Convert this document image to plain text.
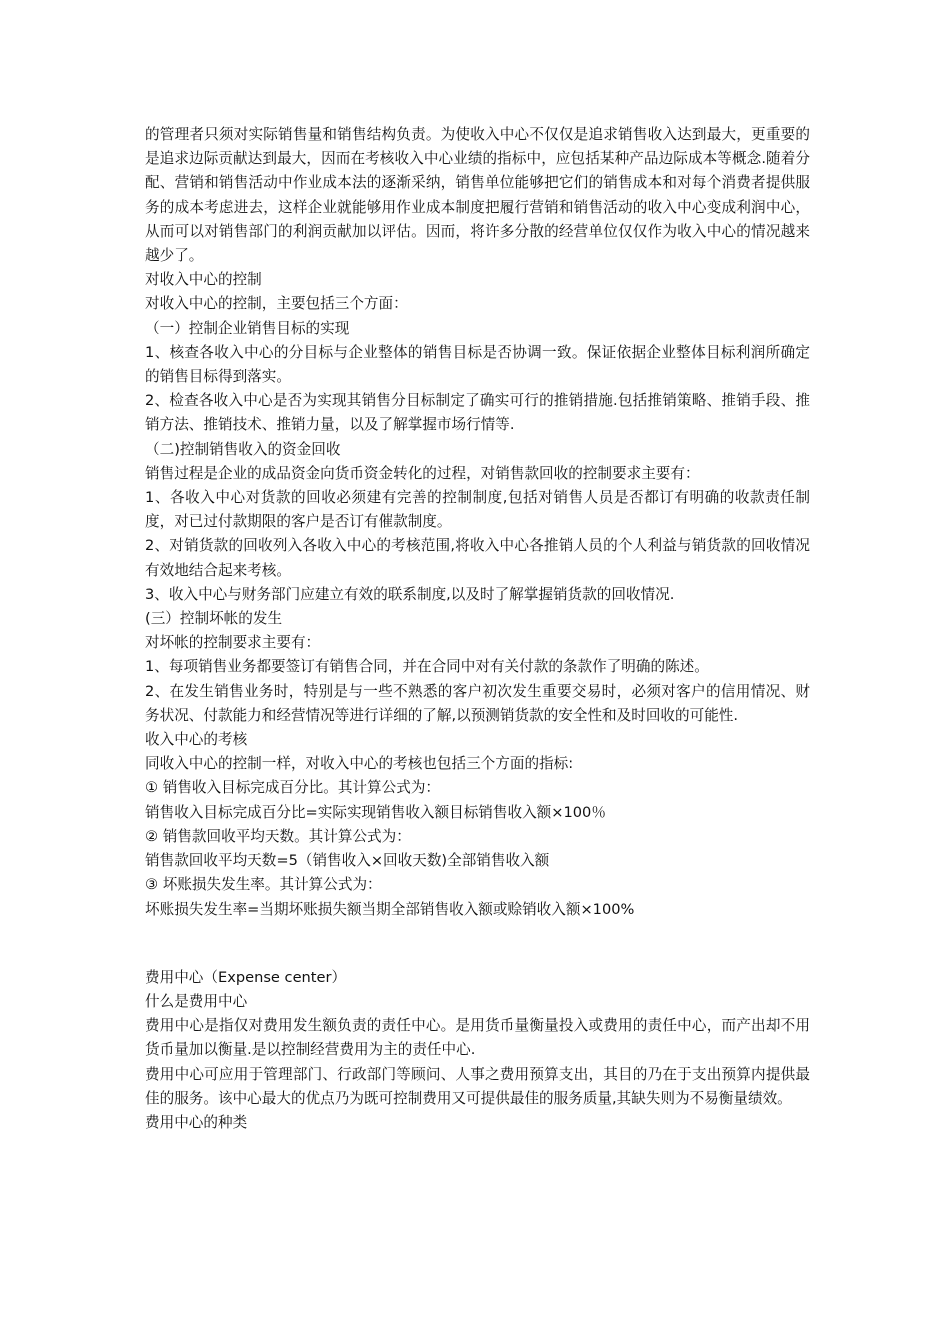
的管理者只须对实际销售量和销售结构负责。为使收入中心不仅仅是追求销售收入达到最大，更重要的是追求边际贡献达到最大，因而在考核收入中心业绩的指标中，应包括某种产品边际成本等概念.随着分配、营销和销售活动中作业成本法的逐渐采纳，销售单位能够把它们的销售成本和对每个消费者提供服务的成本考虑进去，这样企业就能够用作业成本制度把履行营销和销售活动的收入中心变成利润中心，从而可以对销售部门的利润贡献加以评估。因而，将许多分散的经营单位仅仅作为收入中心的情况越来越少了。

对收入中心的控制

对收入中心的控制，主要包括三个方面：

（一）控制企业销售目标的实现

1、核查各收入中心的分目标与企业整体的销售目标是否协调一致。保证依据企业整体目标利润所确定的销售目标得到落实。

2、检查各收入中心是否为实现其销售分目标制定了确实可行的推销措施.包括推销策略、推销手段、推销方法、推销技术、推销力量，以及了解掌握市场行情等.

（二)控制销售收入的资金回收

销售过程是企业的成品资金向货币资金转化的过程，对销售款回收的控制要求主要有：

1、各收入中心对货款的回收必须建有完善的控制制度,包括对销售人员是否都订有明确的收款责任制度，对已过付款期限的客户是否订有催款制度。

2、对销货款的回收列入各收入中心的考核范围,将收入中心各推销人员的个人利益与销货款的回收情况有效地结合起来考核。

3、收入中心与财务部门应建立有效的联系制度,以及时了解掌握销货款的回收情况.

(三）控制坏帐的发生

对坏帐的控制要求主要有：

1、每项销售业务都要签订有销售合同，并在合同中对有关付款的条款作了明确的陈述。

2、在发生销售业务时，特别是与一些不熟悉的客户初次发生重要交易时，必须对客户的信用情况、财务状况、付款能力和经营情况等进行详细的了解,以预测销货款的安全性和及时回收的可能性.

收入中心的考核

同收入中心的控制一样，对收入中心的考核也包括三个方面的指标:

① 销售收入目标完成百分比。其计算公式为：

销售收入目标完成百分比=实际实现销售收入额目标销售收入额×100％

② 销售款回收平均天数。其计算公式为：

销售款回收平均天数=5（销售收入×回收天数)全部销售收入额

③ 坏账损失发生率。其计算公式为：

坏账损失发生率=当期坏账损失额当期全部销售收入额或赊销收入额×100%

费用中心（Expense center）

什么是费用中心

费用中心是指仅对费用发生额负责的责任中心。是用货币量衡量投入或费用的责任中心，而产出却不用货币量加以衡量.是以控制经营费用为主的责任中心.

费用中心可应用于管理部门、行政部门等顾问、人事之费用预算支出，其目的乃在于支出预算内提供最佳的服务。该中心最大的优点乃为既可控制费用又可提供最佳的服务质量,其缺失则为不易衡量绩效。

费用中心的种类
